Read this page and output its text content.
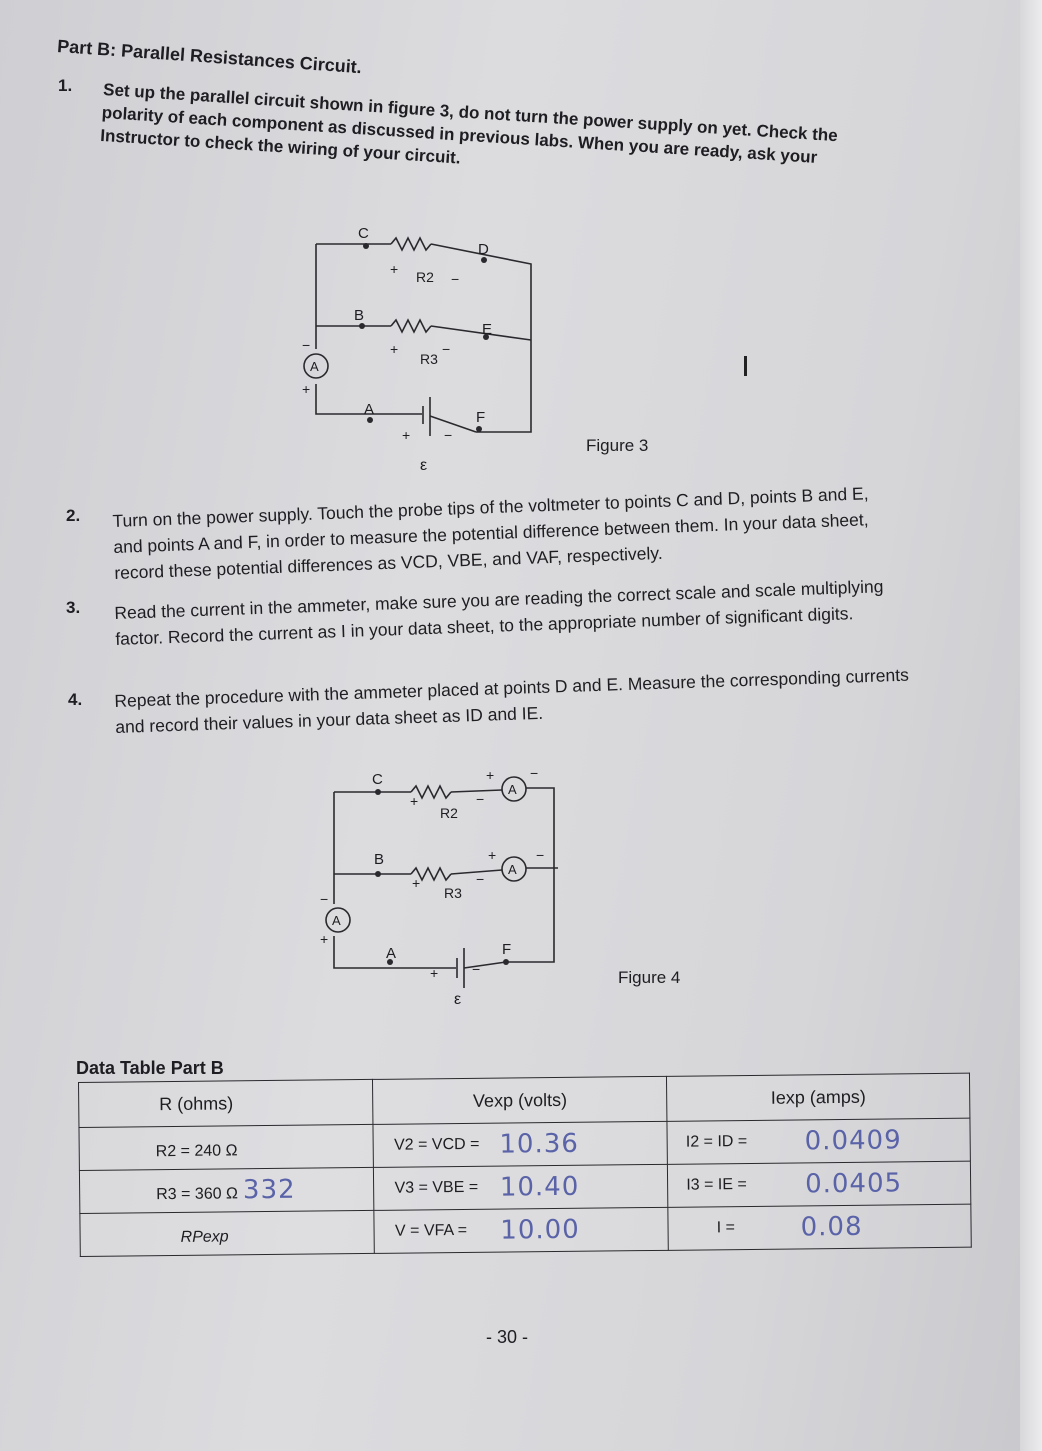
Part B: Parallel Resistances Circuit.
1. Set up the parallel circuit shown in figure 3, do not turn the power supply on yet. Check the polarity of each component as discussed in previous labs. When you are ready, ask your Instructor to check the wiring of your circuit.
C
D
B
E
A	F
R2
R3
+
−
+	−
+ −
ε
A
−
+
Figure 3
2. Turn on the power supply. Touch the probe tips of the voltmeter to points C and D, points B and E, and points A and F, in order to measure the potential difference between them. In your data sheet, record these potential differences as VCD, VBE, and VAF, respectively.
3. Read the current in the ammeter, make sure you are reading the correct scale and scale multiplying factor. Record the current as I in your data sheet, to the appropriate number of significant digits.
4. Repeat the procedure with the ammeter placed at points D and E. Measure the corresponding currents and record their values in your data sheet as ID and IE.
C
B
A	F
R2
R3
+	−
+	−
A
+	−
A
+	−
A
−
+
+ −
ε
Figure 4
Data Table Part B
R (ohms)	Vexp (volts)	Iexp (amps)
R2 = 240 Ω	V2 = VCD = 10.36	I2 = ID = 0.0409

R3 = 360 Ω 332	V3 = VBE = 10.40	I3 = IE = 0.0405

RPexp	V = VFA = 10.00	I = 0.08
- 30 -
